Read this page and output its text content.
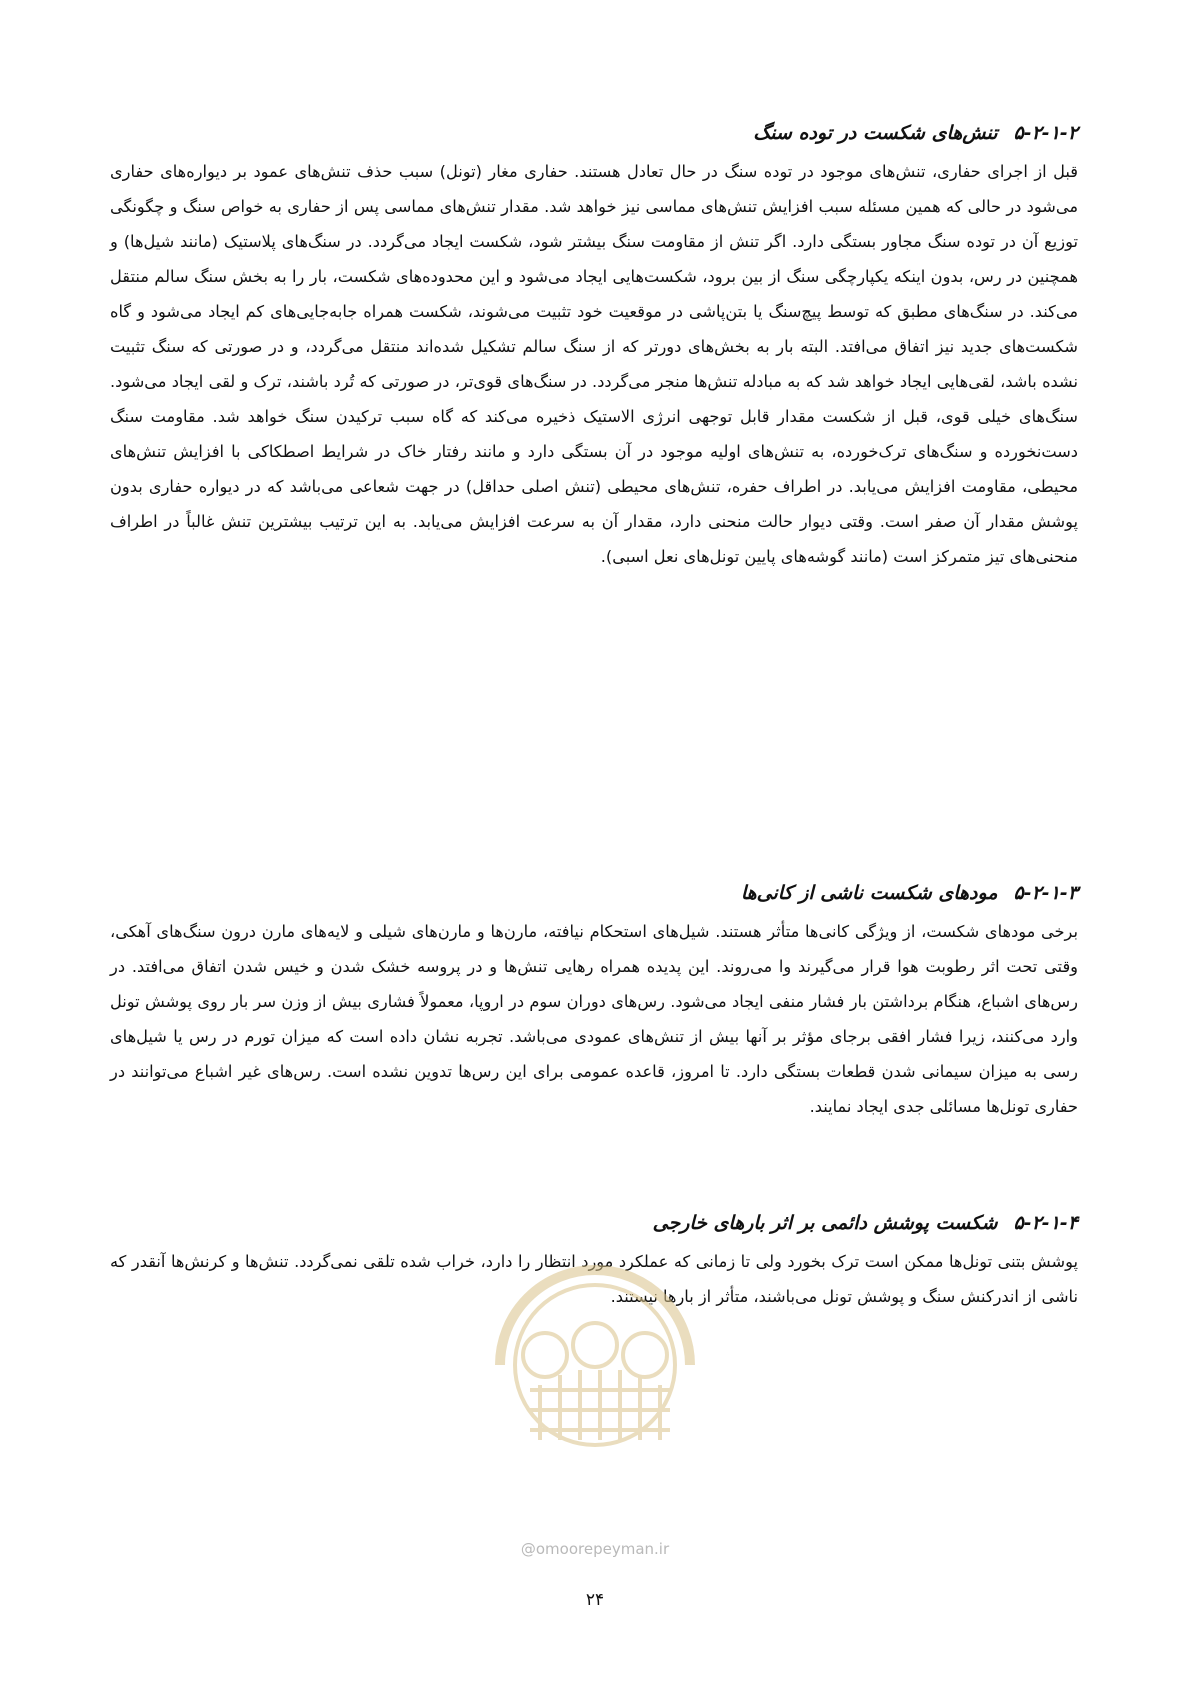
۵-۲-۱-۲تنش‌های شکست در توده سنگ

قبل از اجرای حفاری، تنش‌های موجود در توده سنگ در حال تعادل هستند. حفاری مغار (تونل) سبب حذف تنش‌های عمود بر دیواره‌های حفاری می‌شود در حالی که همین مسئله سبب افزایش تنش‌های مماسی نیز خواهد شد. مقدار تنش‌های مماسی پس از حفاری به خواص سنگ و چگونگی توزیع آن در توده سنگ مجاور بستگی دارد. اگر تنش از مقاومت سنگ بیشتر شود، شکست ایجاد می‌گردد. در سنگ‌های پلاستیک (مانند شیل‌ها) و همچنین در رس، بدون اینکه یکپارچگی سنگ از بین برود، شکست‌هایی ایجاد می‌شود و این محدوده‌های شکست، بار را به بخش سنگ سالم منتقل می‌کند. در سنگ‌های مطبق که توسط پیچ‌سنگ یا بتن‌پاشی در موقعیت خود تثبیت می‌شوند، شکست همراه جابه‌جایی‌های کم ایجاد می‌شود و گاه شکست‌های جدید نیز اتفاق می‌افتد. البته بار به بخش‌های دورتر که از سنگ سالم تشکیل شده‌اند منتقل می‌گردد، و در صورتی که سنگ تثبیت نشده باشد، لقی‌هایی ایجاد خواهد شد که به مبادله تنش‌ها منجر می‌گردد. در سنگ‌های قوی‌تر، در صورتی که تُرد باشند، ترک و لقی ایجاد می‌شود. سنگ‌های خیلی قوی، قبل از شکست مقدار قابل توجهی انرژی الاستیک ذخیره می‌کند که گاه سبب ترکیدن سنگ خواهد شد. مقاومت سنگ دست‌نخورده و سنگ‌های ترک‌خورده، به تنش‌های اولیه موجود در آن بستگی دارد و مانند رفتار خاک در شرایط اصطکاکی با افزایش تنش‌های محیطی، مقاومت افزایش می‌یابد. در اطراف حفره، تنش‌های محیطی (تنش اصلی حداقل) در جهت شعاعی می‌باشد که در دیواره حفاری بدون پوشش مقدار آن صفر است. وقتی دیوار حالت منحنی دارد، مقدار آن به سرعت افزایش می‌یابد. به این ترتیب بیشترین تنش غالباً در اطراف منحنی‌های تیز متمرکز است (مانند گوشه‌های پایین تونل‌های نعل اسبی).

۵-۲-۱-۳مودهای شکست ناشی از کانی‌ها

برخی مودهای شکست، از ویژگی کانی‌ها متأثر هستند. شیل‌های استحکام نیافته، مارن‌ها و مارن‌های شیلی و لایه‌های مارن درون سنگ‌های آهکی، وقتی تحت اثر رطوبت هوا قرار می‌گیرند وا می‌روند. این پدیده همراه رهایی تنش‌ها و در پروسه خشک شدن و خیس شدن اتفاق می‌افتد. در رس‌های اشباع، هنگام برداشتن بار فشار منفی ایجاد می‌شود. رس‌های دوران سوم در اروپا، معمولاً فشاری بیش از وزن سر بار روی پوشش تونل وارد می‌کنند، زیرا فشار افقی برجای مؤثر بر آنها بیش از تنش‌های عمودی می‌باشد. تجربه نشان داده است که میزان تورم در رس یا شیل‌های رسی به میزان سیمانی شدن قطعات بستگی دارد. تا امروز، قاعده عمومی برای این رس‌ها تدوین نشده است. رس‌های غیر اشباع می‌توانند در حفاری تونل‌ها مسائلی جدی ایجاد نمایند.

۵-۲-۱-۴شکست پوشش دائمی بر اثر بارهای خارجی

پوشش بتنی تونل‌ها ممکن است ترک بخورد ولی تا زمانی که عملکرد مورد انتظار را دارد، خراب شده تلقی نمی‌گردد. تنش‌ها و کرنش‌ها آنقدر که ناشی از اندرکنش سنگ و پوشش تونل می‌باشند، متأثر از بارها نیستند.

@omoorepeyman.ir
۲۴
